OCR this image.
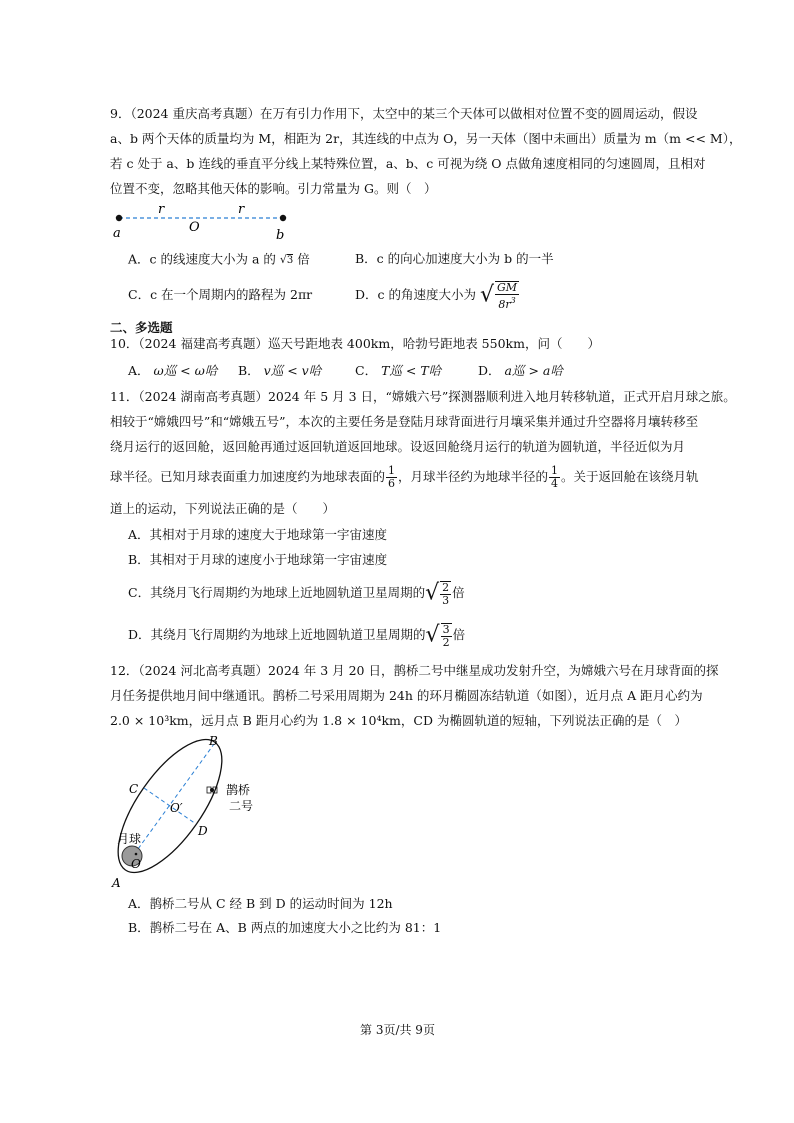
9．（2024 重庆高考真题）在万有引力作用下，太空中的某三个天体可以做相对位置不变的圆周运动，假设
a、b 两个天体的质量均为 M，相距为 2r，其连线的中点为 O，另一天体（图中未画出）质量为 m（m << M），
若 c 处于 a、b 连线的垂直平分线上某特殊位置，a、b、c 可视为绕 O 点做角速度相同的匀速圆周，且相对
位置不变，忽略其他天体的影响。引力常量为 G。则（　）
r	r
O
a	b
A．c 的线速度大小为 a 的 √3 倍	B．c 的向心加速度大小为 b 的一半
C．c 在一个周期内的路程为 2πr	D．c 的角速度大小为 √ $\frac{GM}{8r^3}$
二、多选题
10．（2024 福建高考真题）巡天号距地表 400km，哈勃号距地表 550km，问（　　）
A． ω巡 < ω哈 B． v巡 < v哈	C． T巡 < T哈	D． a巡 > a哈
11．（2024 湖南高考真题）2024 年 5 月 3 日，“嫦娥六号”探测器顺利进入地月转移轨道，正式开启月球之旅。
相较于“嫦娥四号”和“嫦娥五号”，本次的主要任务是登陆月球背面进行月壤采集并通过升空器将月壤转移至
绕月运行的返回舱，返回舱再通过返回轨道返回地球。设返回舱绕月运行的轨道为圆轨道，半径近似为月
球半径。已知月球表面重力加速度约为地球表面的 $\frac{1}{6}$ ，月球半径约为地球半径的 $\frac{1}{4}$ 。关于返回舱在该绕月轨
道上的运动，下列说法正确的是（　　）
A．其相对于月球的速度大于地球第一宇宙速度
B．其相对于月球的速度小于地球第一宇宙速度
C．其绕月飞行周期约为地球上近地圆轨道卫星周期的√ $\frac{2}{3}$ 倍
D．其绕月飞行周期约为地球上近地圆轨道卫星周期的√ $\frac{3}{2}$ 倍
12．（2024 河北高考真题）2024 年 3 月 20 日，鹊桥二号中继星成功发射升空，为嫦娥六号在月球背面的探
月任务提供地月间中继通讯。鹊桥二号采用周期为 24h 的环月椭圆冻结轨道（如图），近月点 A 距月心约为
2.0 × 10³km，远月点 B 距月心约为 1.8 × 10⁴km，CD 为椭圆轨道的短轴，下列说法正确的是（　）
B
C
O′
D
月球
O
A
鹊桥
二号
A．鹊桥二号从 C 经 B 到 D 的运动时间为 12h
B．鹊桥二号在 A、B 两点的加速度大小之比约为 81：1
第 3页/共 9页
